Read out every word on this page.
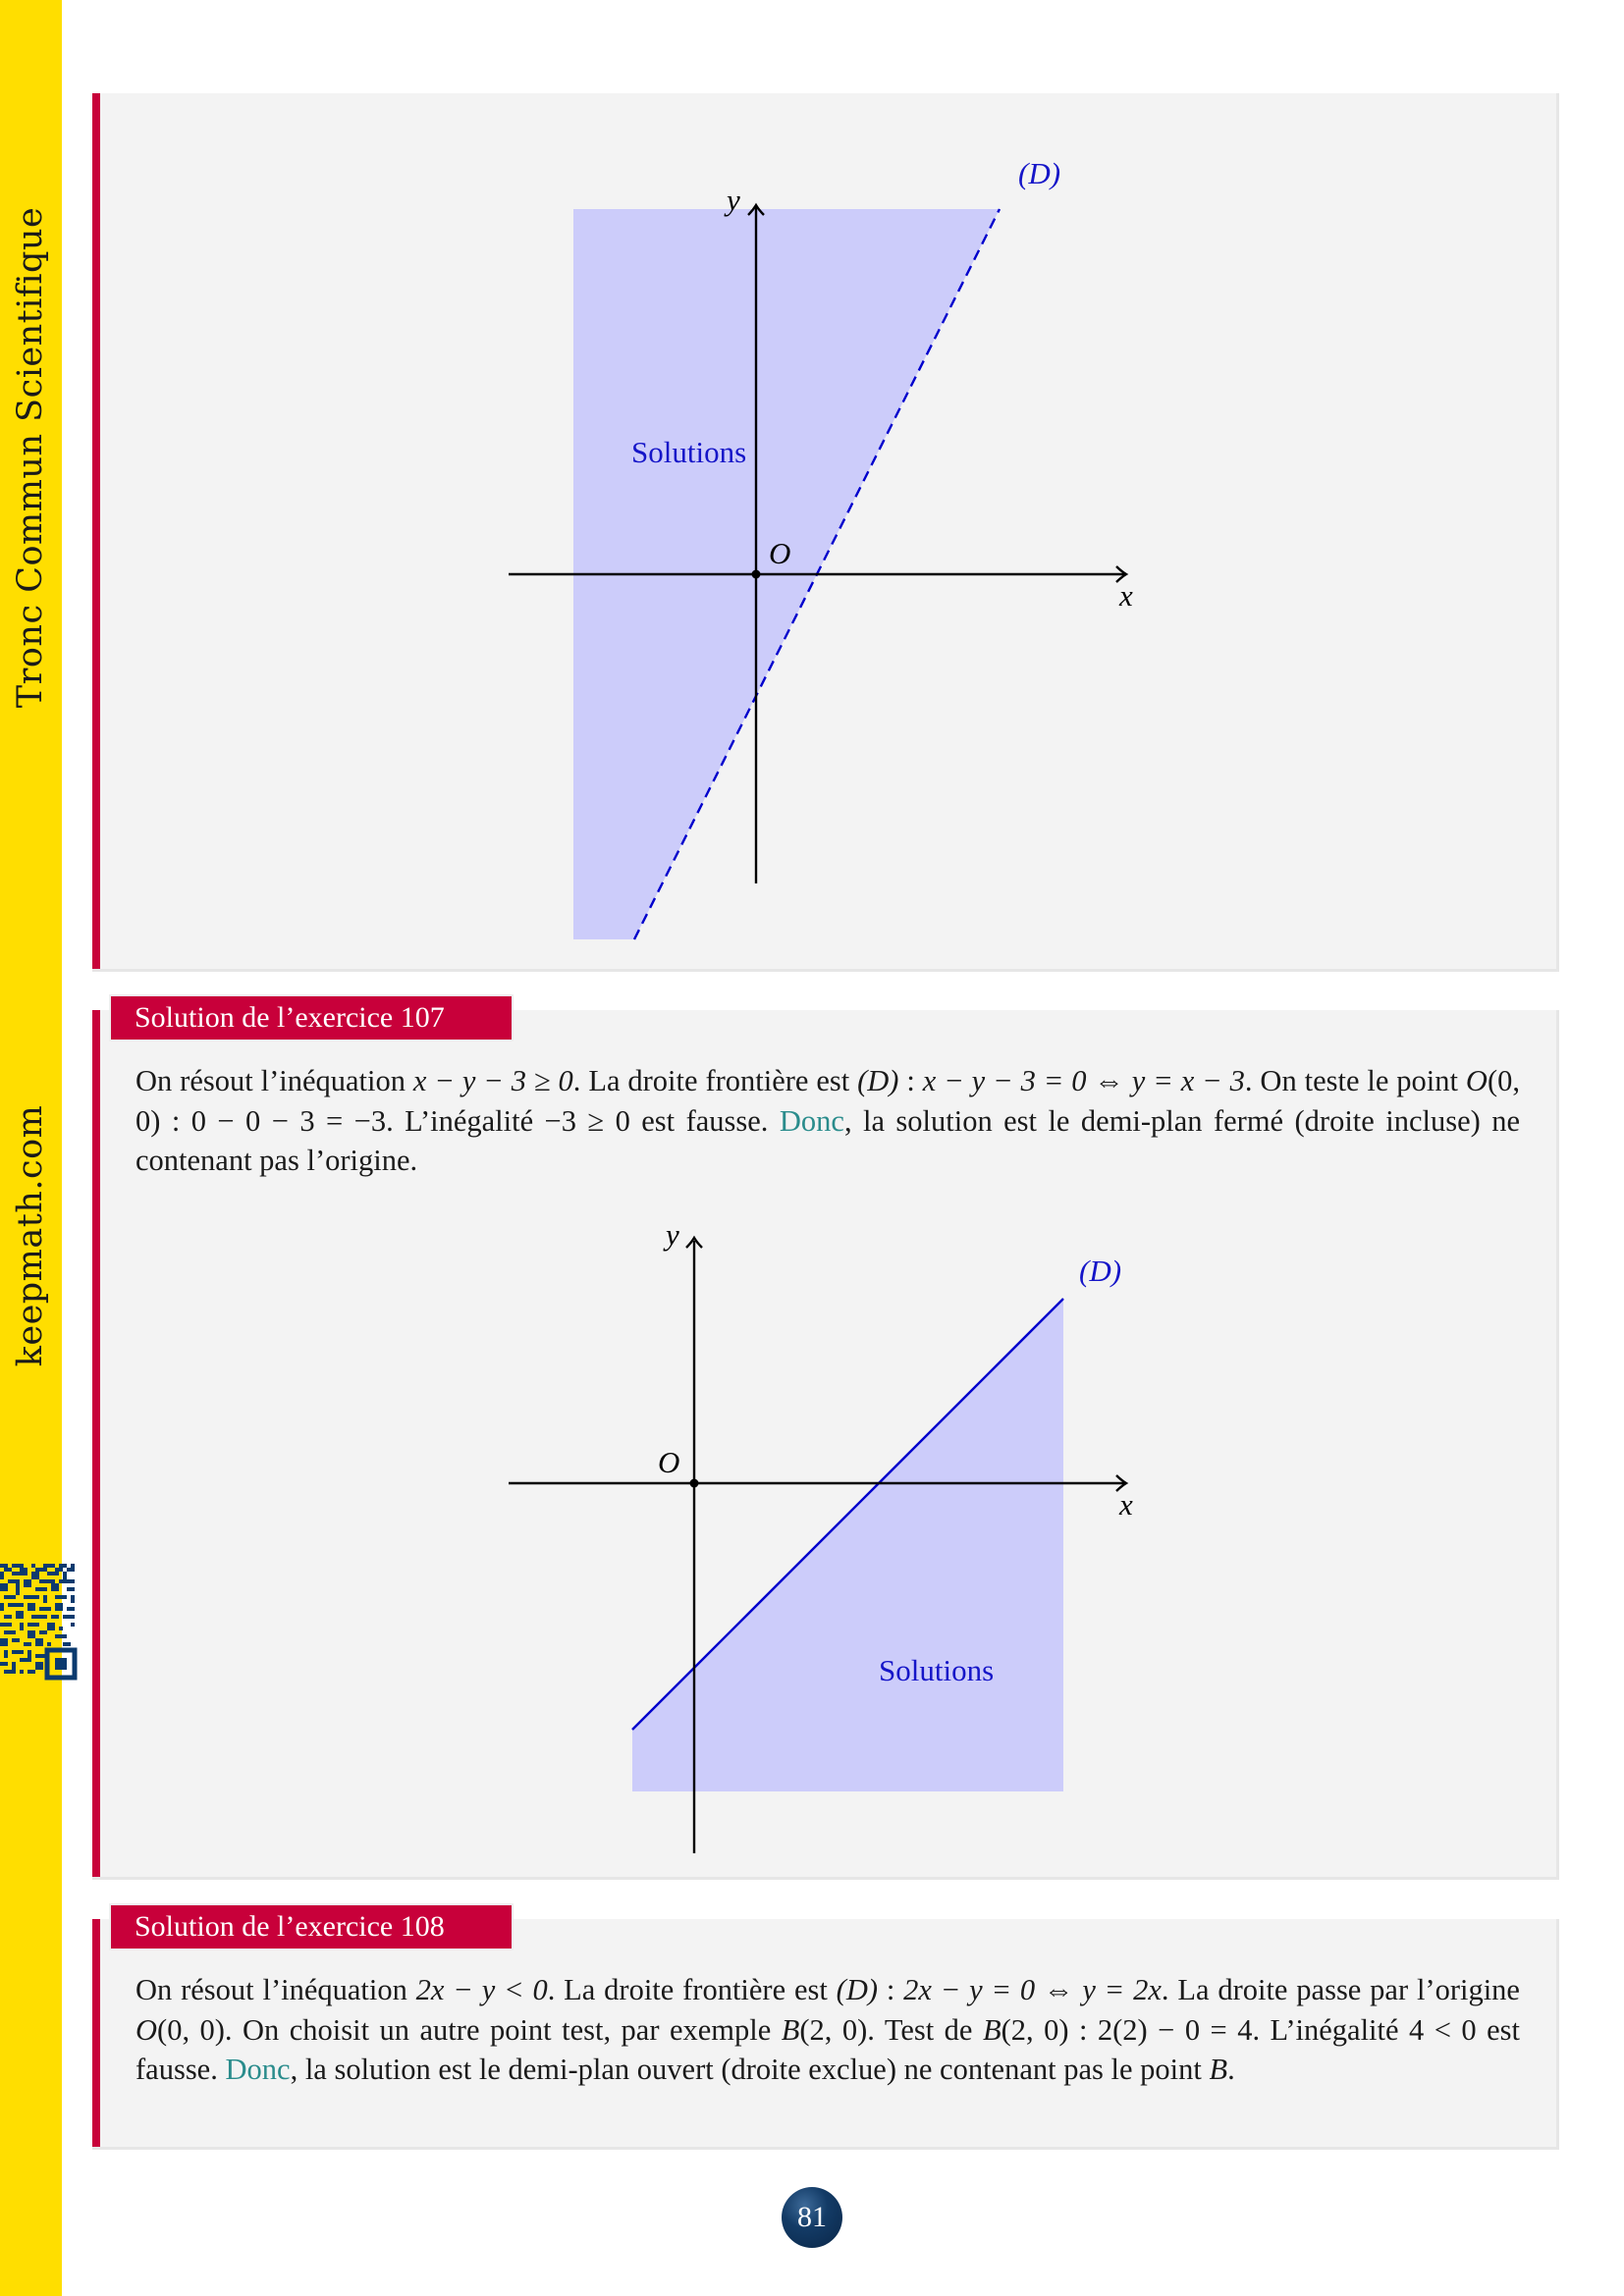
Tronc Commun Scientifique
keepmath.com
Solutions
O
(D)
x
y
Solution de l’exercice 107
On résout l’inéquation x − y − 3 ≥ 0. La droite frontière est (D) : x − y − 3 = 0 ⇔ y = x − 3. On teste le point O(0, 0) : 0 − 0 − 3 = −3. L’inégalité −3 ≥ 0 est fausse. Donc, la solution est le demi-plan fermé (droite incluse) ne contenant pas l’origine.
Solutions
O
(D)
x
y
Solution de l’exercice 108
On résout l’inéquation 2x − y < 0. La droite frontière est (D) : 2x − y = 0 ⇔ y = 2x. La droite passe par l’origine O(0, 0). On choisit un autre point test, par exemple B(2, 0). Test de B(2, 0) : 2(2) − 0 = 4. L’inégalité 4 < 0 est fausse. Donc, la solution est le demi-plan ouvert (droite exclue) ne contenant pas le point B.
81
